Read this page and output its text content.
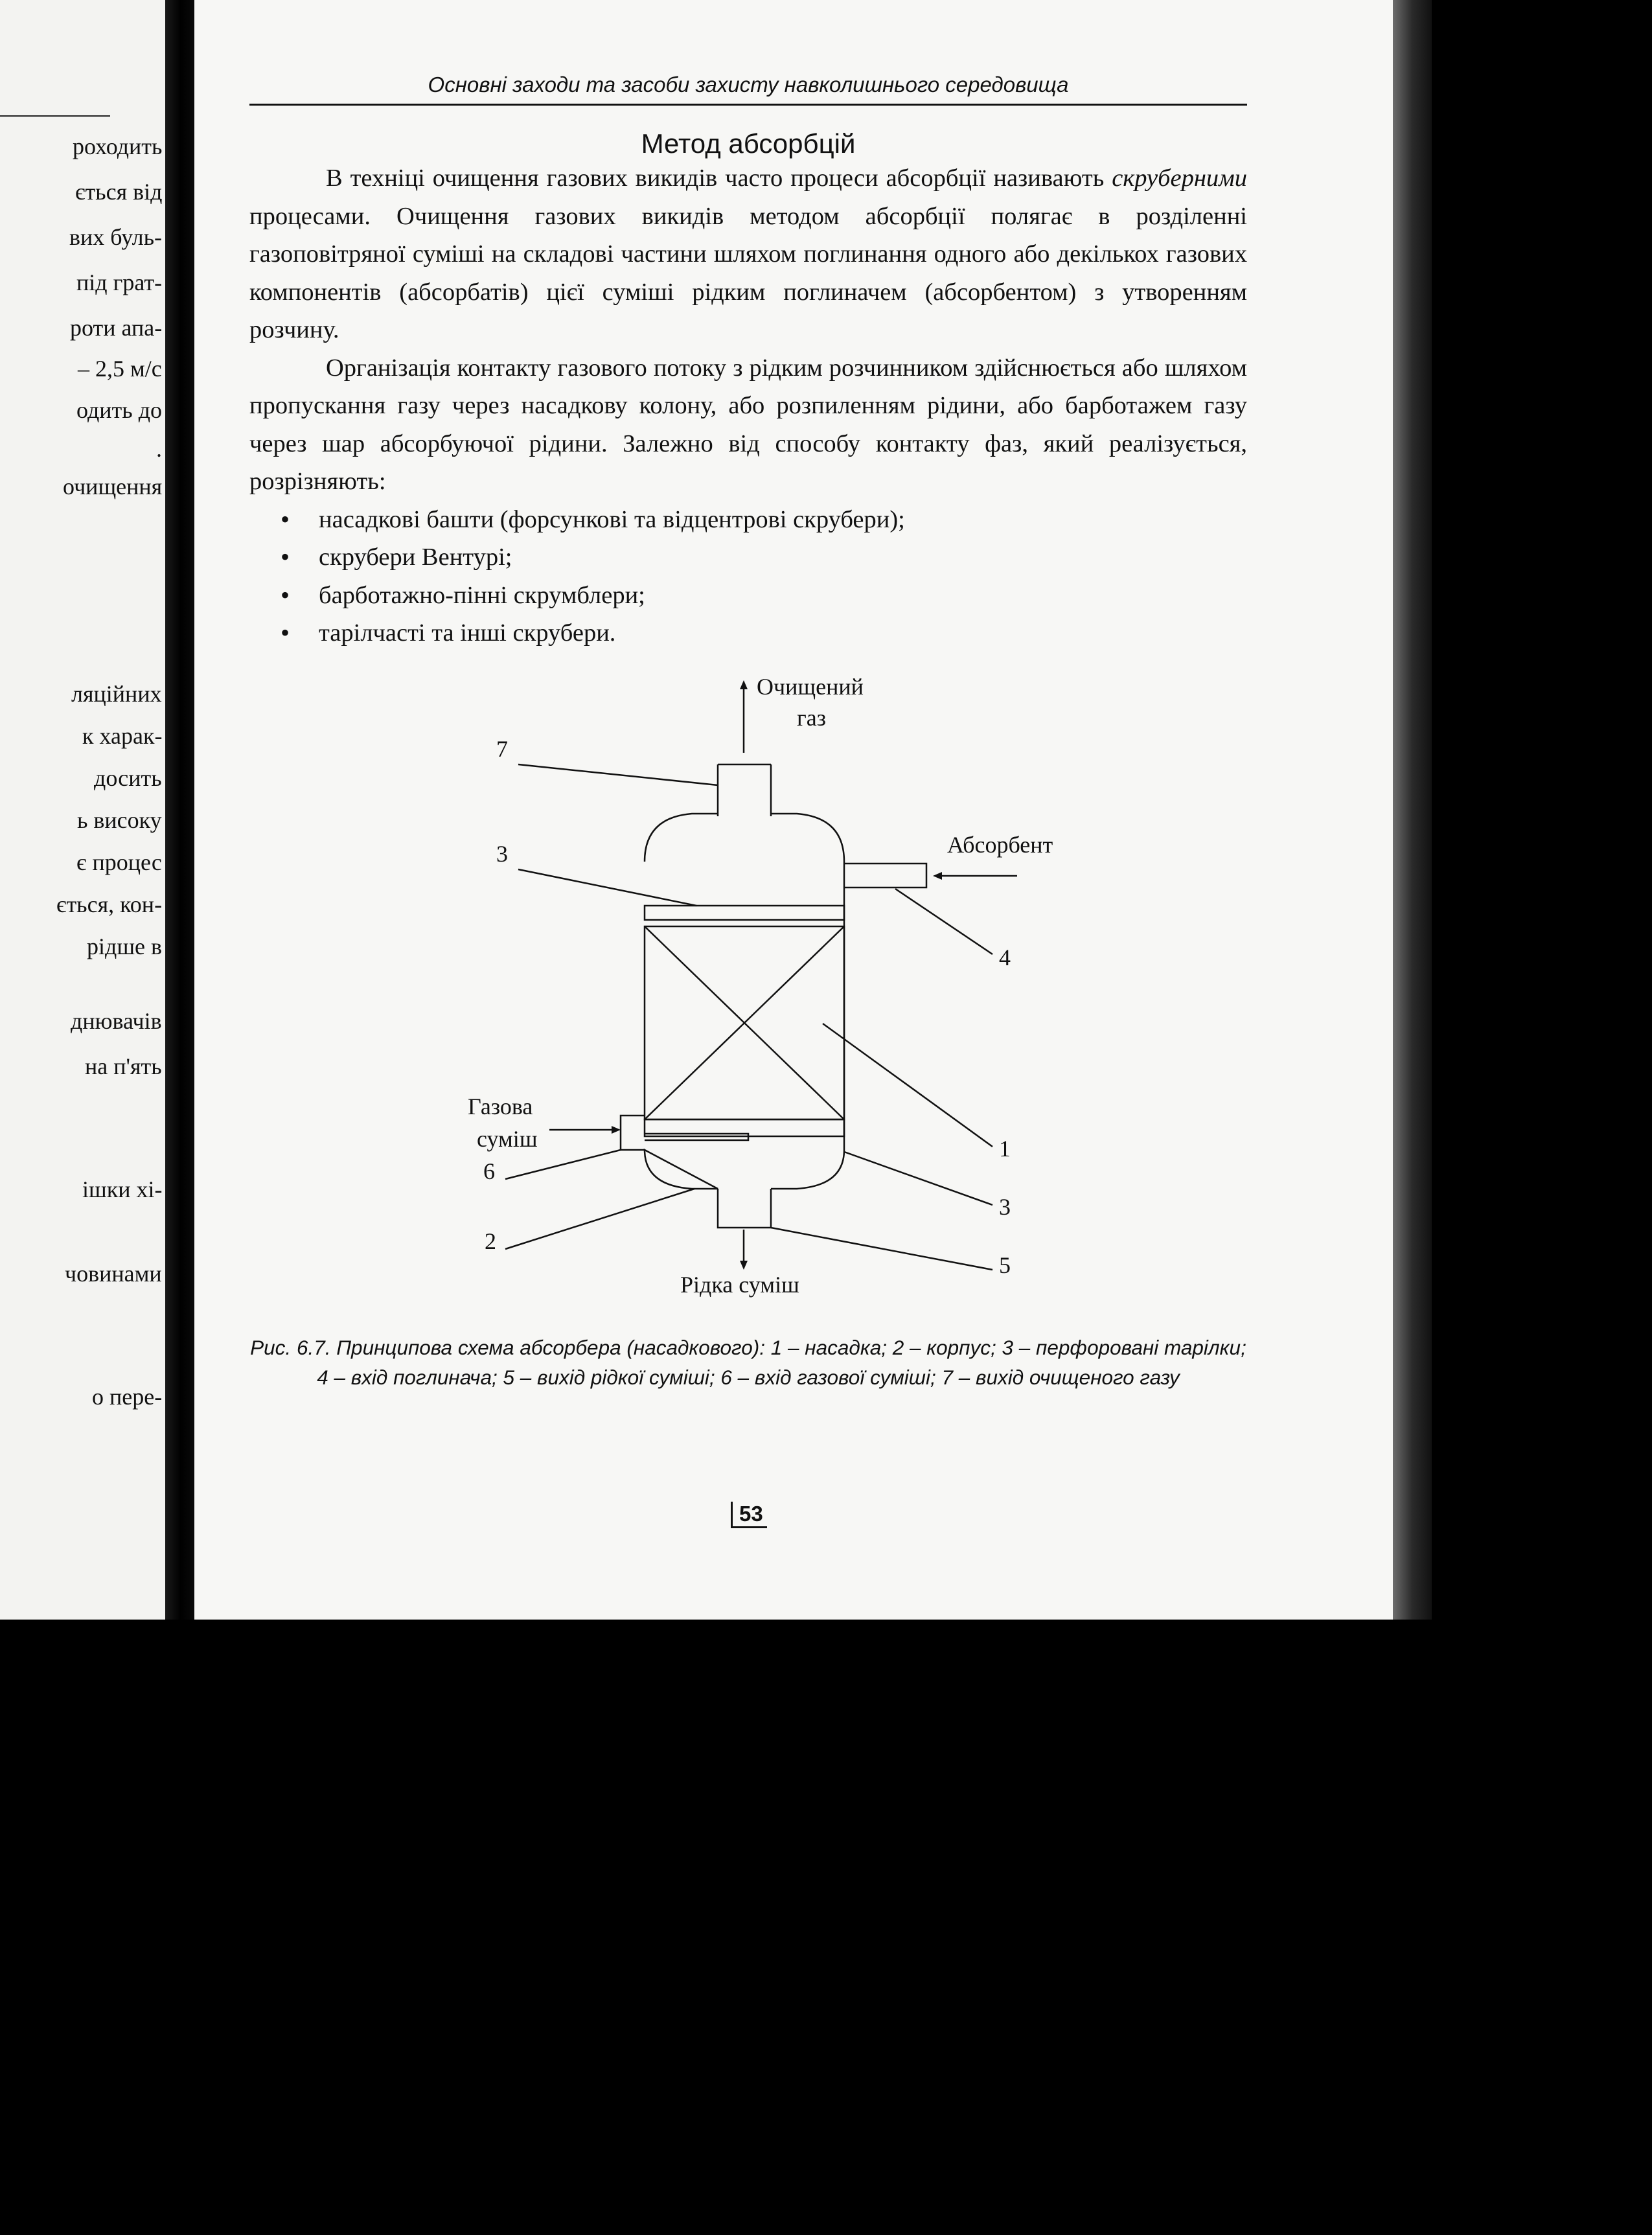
роходить
ється від
вих буль-
під грат-
роти апа-
– 2,5 м/с
одить до
.
очищення
ляційних
к харак-
досить
ь високу
є процес
ється, кон-
рідше в
днювачів
на п'ять
ішки хі-
човинами
о пере-
Основні заходи та засоби захисту навколишнього середовища
Метод абсорбцій

В техніці очищення газових викидів часто процеси абсорбції називають скруберними процесами. Очищення газових викидів методом абсорбції полягає в розділенні газоповітряної суміші на складові частини шляхом поглинання одного або декількох газових компонентів (абсорбатів) цієї суміші рідким поглиначем (абсорбентом) з утворенням розчину.

Організація контакту газового потоку з рідким розчинником здійснюється або шляхом пропускання газу через насадкову колону, або розпиленням рідини, або барботажем газу через шар абсорбуючої рідини. Залежно від способу контакту фаз, який реалізується, розрізняють:

• насадкові башти (форсункові та відцентрові скрубери);
• скрубери Вентурі;
• барботажно-пінні скрумблери;
• тарілчасті та інші скрубери.
Очищений
газ
Рідка суміш
Абсорбент
Газова
суміш
7
3
4
1
6
3
2
5
Рис. 6.7. Принципова схема абсорбера (насадкового): 1 – насадка; 2 – корпус; 3 – перфоровані тарілки; 4 – вхід поглинача; 5 – вихід рідкої суміші; 6 – вхід газової суміші; 7 – вихід очищеного газу
53
